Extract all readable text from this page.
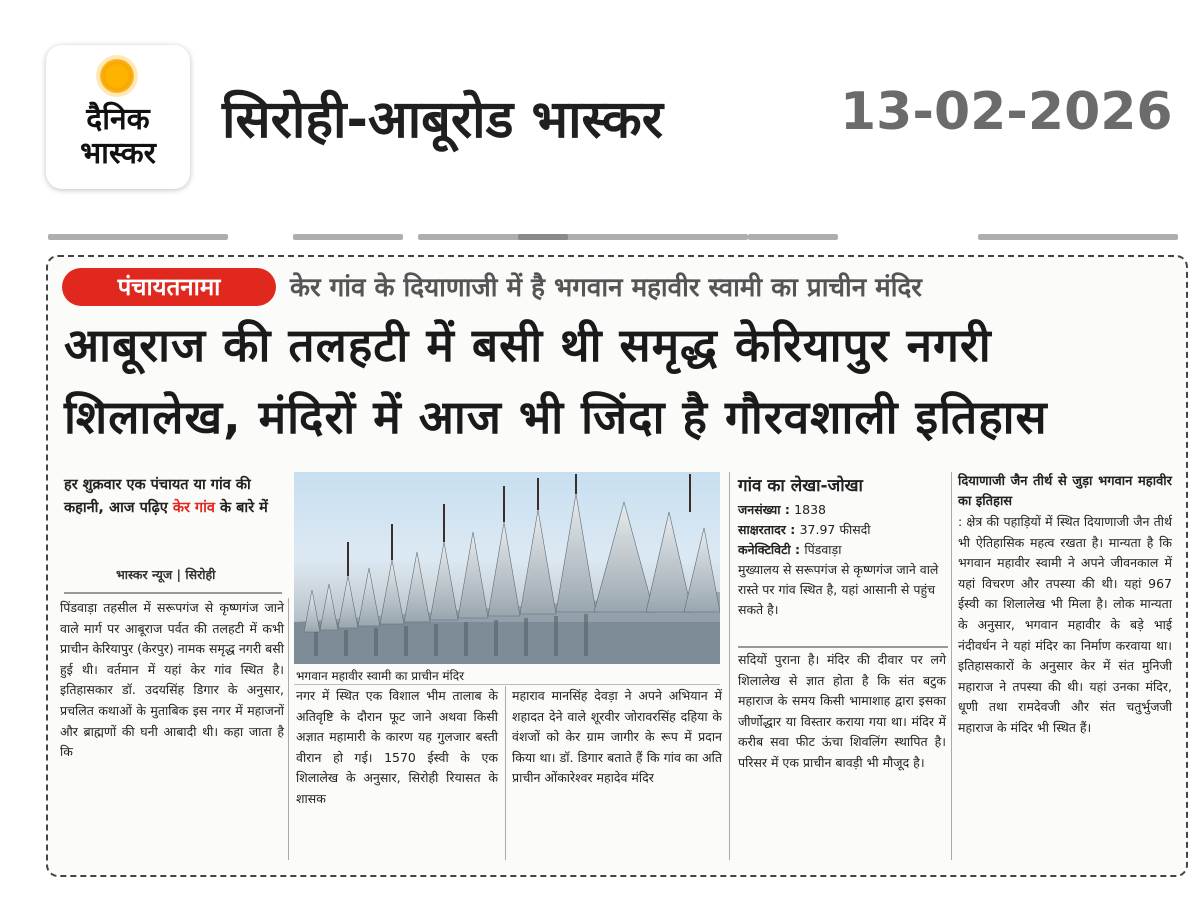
दैनिक
भास्कर
सिरोही-आबूरोड भास्कर	13-02-2026
पंचायतनामा	केर गांव के दियाणाजी में है भगवान महावीर स्वामी का प्राचीन मंदिर
आबूराज की तलहटी में बसी थी समृद्ध केरियापुर नगरी
शिलालेख, मंदिरों में आज भी जिंदा है गौरवशाली इतिहास
हर शुक्रवार एक पंचायत या गांव की कहानी, आज पढ़िए केर गांव के बारे में
भास्कर न्यूज | सिरोही
भगवान महावीर स्वामी का प्राचीन मंदिर
गांव का लेखा-जोखा
जनसंख्या : 1838
साक्षरतादर : 37.97 फीसदी
कनेक्टिविटी : पिंडवाड़ा
मुख्यालय से सरूपगंज से कृष्णगंज जाने वाले रास्ते पर गांव स्थित है, यहां आसानी से पहुंच सकते है।
पिंडवाड़ा तहसील में सरूपगंज से कृष्णगंज जाने वाले मार्ग पर आबूराज पर्वत की तलहटी में कभी प्राचीन केरियापुर (केरपुर) नामक समृद्ध नगरी बसी हुई थी। वर्तमान में यहां केर गांव स्थित है। इतिहासकार डॉ. उदयसिंह डिगार के अनुसार, प्रचलित कथाओं के मुताबिक इस नगर में महाजनों और ब्राह्मणों की घनी आबादी थी। कहा जाता है कि
नगर में स्थित एक विशाल भीम तालाब के अतिवृष्टि के दौरान फूट जाने अथवा किसी अज्ञात महामारी के कारण यह गुलजार बस्ती वीरान हो गई। 1570 ईस्वी के एक शिलालेख के अनुसार, सिरोही रियासत के शासक
महाराव मानसिंह देवड़ा ने अपने अभियान में शहादत देने वाले शूरवीर जोरावरसिंह दहिया के वंशजों को केर ग्राम जागीर के रूप में प्रदान किया था। डॉ. डिगार बताते हैं कि गांव का अति प्राचीन ओंकारेश्वर महादेव मंदिर
सदियों पुराना है। मंदिर की दीवार पर लगे शिलालेख से ज्ञात होता है कि संत बटुक महाराज के समय किसी भामाशाह द्वारा इसका जीर्णोद्धार या विस्तार कराया गया था। मंदिर में करीब सवा फीट ऊंचा शिवलिंग स्थापित है। परिसर में एक प्राचीन बावड़ी भी मौजूद है।
दियाणाजी जैन तीर्थ से जुड़ा भगवान महावीर का इतिहास
: क्षेत्र की पहाड़ियों में स्थित दियाणाजी जैन तीर्थ भी ऐतिहासिक महत्व रखता है। मान्यता है कि भगवान महावीर स्वामी ने अपने जीवनकाल में यहां विचरण और तपस्या की थी। यहां 967 ईस्वी का शिलालेख भी मिला है। लोक मान्यता के अनुसार, भगवान महावीर के बड़े भाई नंदीवर्धन ने यहां मंदिर का निर्माण करवाया था। इतिहासकारों के अनुसार केर में संत मुनिजी महाराज ने तपस्या की थी। यहां उनका मंदिर, धूणी तथा रामदेवजी और संत चतुर्भुजजी महाराज के मंदिर भी स्थित हैं।
